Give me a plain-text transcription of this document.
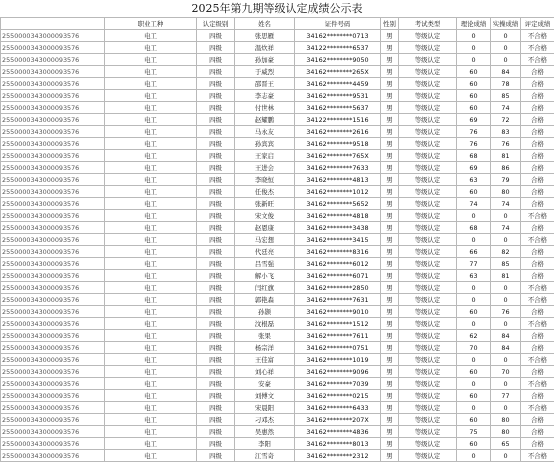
2025年第九期等级认定成绩公示表
	职业工种	认定级别	姓名	证件号码	性别	考试类型	理论成绩	实操成绩	评定成绩
2550000343000093576	电工	四级	张思雁	34162********0713	男	等级认定	0	0	不合格
2550000343000093576	电工	四级	温炊祥	34122********6537	男	等级认定	0	0	不合格
2550000343000093576	电工	四级	孙加豪	34162********9050	男	等级认定	0	0	不合格
2550000343000093576	电工	四级	于威烈	34162********265X	男	等级认定	60	84	合格
2550000343000093576	电工	四级	邵晋王	34162********4459	男	等级认定	60	78	合格
2550000343000093576	电工	四级	李志豪	34162********9531	男	等级认定	60	85	合格
2550000343000093576	电工	四级	付世林	34162********5637	男	等级认定	60	74	合格
2550000343000093576	电工	四级	赵耀鹏	34122********1516	男	等级认定	69	72	合格
2550000343000093576	电工	四级	马永友	34162********2616	男	等级认定	76	83	合格
2550000343000093576	电工	四级	孙宾宾	34162********9518	男	等级认定	76	76	合格
2550000343000093576	电工	四级	王家启	34162********765X	男	等级认定	68	81	合格
2550000343000093576	电工	四级	王进会	34162********7633	男	等级认定	69	86	合格
2550000343000093576	电工	四级	李晓恒	34162********4813	男	等级认定	63	79	合格
2550000343000093576	电工	四级	任俊杰	34162********1012	男	等级认定	60	80	合格
2550000343000093576	电工	四级	张新旺	34162********5652	男	等级认定	74	74	合格
2550000343000093576	电工	四级	宋文俊	34162********4818	男	等级认定	0	0	不合格
2550000343000093576	电工	四级	赵恩康	34162********3438	男	等级认定	68	74	合格
2550000343000093576	电工	四级	马宏想	34162********3415	男	等级认定	0	0	不合格
2550000343000093576	电工	四级	代廷亮	34162********8316	男	等级认定	66	82	合格
2550000343000093576	电工	四级	吕雪强	34162********6012	男	等级认定	77	85	合格
2550000343000093576	电工	四级	解小飞	34162********6071	男	等级认定	63	81	合格
2550000343000093576	电工	四级	闫红旗	34162********2850	男	等级认定	0	0	不合格
2550000343000093576	电工	四级	郭艳森	34162********7631	男	等级认定	0	0	不合格
2550000343000093576	电工	四级	孙颢	34162********9010	男	等级认定	60	76	合格
2550000343000093576	电工	四级	汶根磊	34162********1512	男	等级认定	0	0	不合格
2550000343000093576	电工	四级	张果	34162********7611	男	等级认定	62	84	合格
2550000343000093576	电工	四级	杨宗洋	34162********0751	男	等级认定	70	84	合格
2550000343000093576	电工	四级	王佳富	34162********1019	男	等级认定	0	0	不合格
2550000343000093576	电工	四级	刘心祥	34162********9096	男	等级认定	60	70	合格
2550000343000093576	电工	四级	安豪	34162********7039	男	等级认定	0	0	不合格
2550000343000093576	电工	四级	刘傅文	34162********0215	男	等级认定	60	77	合格
2550000343000093576	电工	四级	宋晨阳	34162********6433	男	等级认定	0	0	不合格
2550000343000093576	电工	四级	刁邓杰	34162********207X	男	等级认定	60	80	合格
2550000343000093576	电工	四级	吴惠然	34162********4836	男	等级认定	75	80	合格
2550000343000093576	电工	四级	李阳	34162********8013	男	等级认定	60	65	合格
2550000343000093576	电工	四级	江雪奇	34162********2312	男	等级认定	0	0	不合格
